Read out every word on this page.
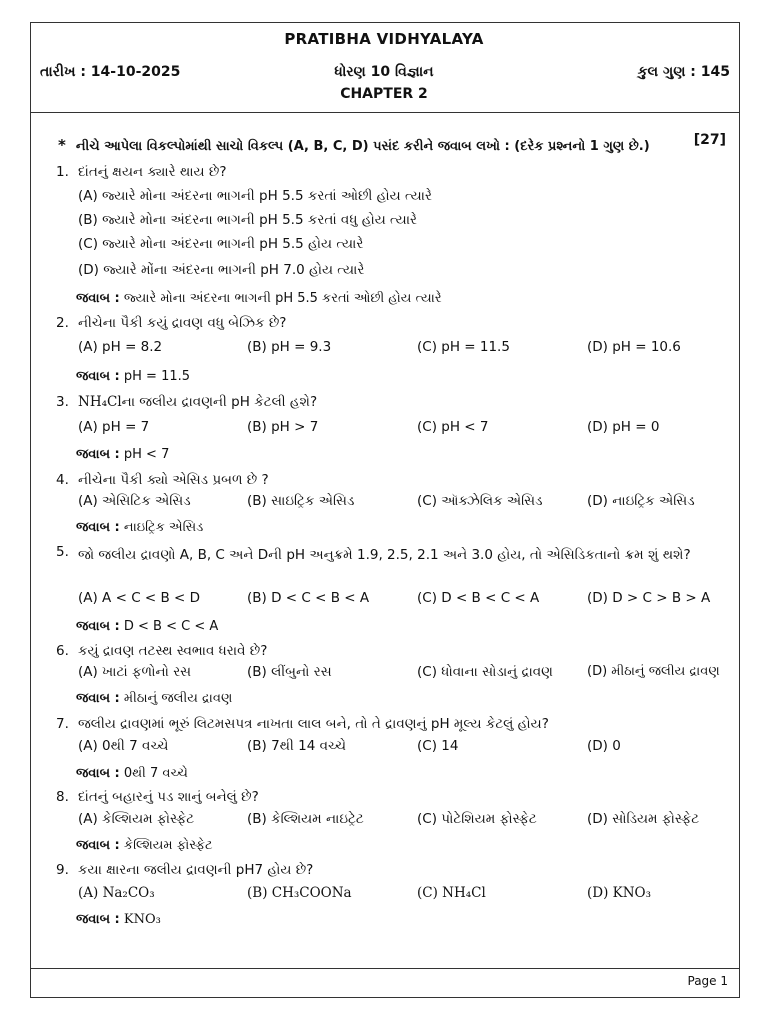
PRATIBHA VIDHYALAYA
તારીખ : 14-10-2025	ધોરણ 10 વિજ્ઞાન	કુલ ગુણ : 145
CHAPTER 2
* નીચે આપેલા વિકલ્પોમાંથી સાચો વિકલ્પ (A, B, C, D) પસંદ કરીને જવાબ લખો : (દરેક પ્રશ્નનો 1 ગુણ છે.)	[27]
1. દાંતનું ક્ષયન ક્યારે થાય છે?
(A) જ્યારે મોના અંદરના ભાગની pH 5.5 કરતાં ઓછી હોય ત્યારે
(B) જ્યારે મોના અંદરના ભાગની pH 5.5 કરતાં વધુ હોય ત્યારે
(C) જ્યારે મોના અંદરના ભાગની pH 5.5 હોય ત્યારે
(D) જ્યારે મોંના અંદરના ભાગની pH 7.0 હોય ત્યારે
જવાબ : જ્યારે મોના અંદરના ભાગની pH 5.5 કરતાં ઓછી હોય ત્યારે
2. નીચેના પૈકી કયું દ્રાવણ વધુ બેઝિક છે?
(A) pH = 8.2	(B) pH = 9.3	(C) pH = 11.5	(D) pH = 10.6
જવાબ : pH = 11.5
3. NH₄Clના જલીય દ્રાવણની pH કેટલી હશે?
(A) pH = 7	(B) pH > 7	(C) pH < 7	(D) pH = 0
જવાબ : pH < 7
4. નીચેના પૈકી ક્યો એસિડ પ્રબળ છે ?
(A) એસિટિક એસિડ	(B) સાઇટ્રિક એસિડ	(C) ઑક્ઝેલિક એસિડ	(D) નાઇટ્રિક એસિડ
જવાબ : નાઇટ્રિક એસિડ
5. જો જલીય દ્રાવણો A, B, C અને Dની pH અનુક્રમે 1.9, 2.5, 2.1 અને 3.0 હોય, તો એસિડિકતાનો ક્રમ શું થશે?
(A) A < C < B < D	(B) D < C < B < A	(C) D < B < C < A	(D) D > C > B > A
જવાબ : D < B < C < A
6. કયું દ્રાવણ તટસ્થ સ્વભાવ ધરાવે છે?
(A) ખાટાં ફળોનો રસ	(B) લીંબુનો રસ	(C) ધોવાના સોડાનું દ્રાવણ	(D) મીઠાનું જલીય દ્રાવણ
જવાબ : મીઠાનું જલીય દ્રાવણ
7. જલીય દ્રાવણમાં ભૂરું લિટમસપત્ર નાખતા લાલ બને, તો તે દ્રાવણનું pH મૂલ્ય કેટલું હોય?
(A) 0થી 7 વચ્ચે	(B) 7થી 14 વચ્ચે	(C) 14	(D) 0
જવાબ : 0થી 7 વચ્ચે
8. દાંતનું બહારનું પડ શાનું બનેલું છે?
(A) કેલ્શિયમ ફોસ્ફેટ	(B) કેલ્શિયમ નાઇટ્રેટ	(C) પોટેશિયમ ફોસ્ફેટ	(D) સોડિયમ ફોસ્ફેટ
જવાબ : કેલ્શિયમ ફોસ્ફેટ
9. કયા ક્ષારના જલીય દ્રાવણની pH7 હોય છે?
(A) Na₂CO₃	(B) CH₃COONa	(C) NH₄Cl	(D) KNO₃
જવાબ : KNO₃
Page 1
